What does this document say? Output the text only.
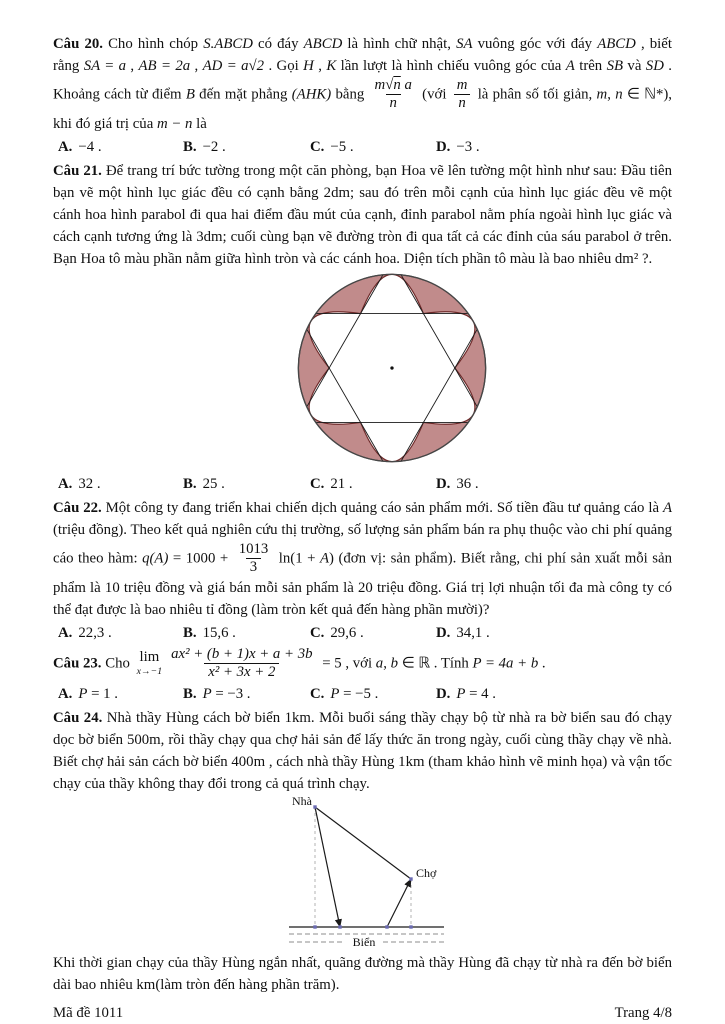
Câu 20. Cho hình chóp S.ABCD có đáy ABCD là hình chữ nhật, SA vuông góc với đáy ABCD , biết rằng SA = a , AB = 2a , AD = a√2 . Gọi H , K lần lượt là hình chiếu vuông góc của A trên SB và SD . Khoảng cách từ điểm B đến mặt phẳng (AHK) bằng $\frac{\text{m√n a}}{n}$ (với $\frac{m}{n}$ là phân số tối giản, m, n ∈ ℕ*), khi đó giá trị của m − n là

A. −4 .	B. −2 .	C. −5 .	D. −3 .

Câu 21. Để trang trí bức tường trong một căn phòng, bạn Hoa vẽ lên tường một hình như sau: Đầu tiên bạn vẽ một hình lục giác đều có cạnh bằng 2dm; sau đó trên mỗi cạnh của hình lục giác đều vẽ một cánh hoa hình parabol đi qua hai điểm đầu mút của cạnh, đỉnh parabol nằm phía ngoài hình lục giác và cách cạnh tương ứng là 3dm; cuối cùng bạn vẽ đường tròn đi qua tất cả các đỉnh của sáu parabol ở trên. Bạn Hoa tô màu phần nằm giữa hình tròn và các cánh hoa. Diện tích phần tô màu là bao nhiêu dm² ?.

A. 32 .	B. 25 .	C. 21 .	D. 36 .

Câu 22. Một công ty đang triển khai chiến dịch quảng cáo sản phẩm mới. Số tiền đầu tư quảng cáo là A (triệu đồng). Theo kết quả nghiên cứu thị trường, số lượng sản phẩm bán ra phụ thuộc vào chi phí quảng cáo theo hàm: $q(A) = 1000 + \frac{1013}{3} \ln(1 + A)$ (đơn vị: sản phẩm). Biết rằng, chi phí sản xuất mỗi sản phẩm là 10 triệu đồng và giá bán mỗi sản phẩm là 20 triệu đồng. Giá trị lợi nhuận tối đa mà công ty có thể đạt được là bao nhiêu tỉ đồng (làm tròn kết quả đến hàng phần mười)?

A. 22,3 .	B. 15,6 .	C. 29,6 .	D. 34,1 .

Câu 23. Cho lim
$x\to-1 \frac{\text{ax² + (b + 1)x + a + 3b}}{\text{x² + 3x + 2}} = 5$ , với a, b ∈ ℝ . Tính P = 4a + b .

A. P = 1 .	B. P = −3 .	C. P = −5 .	D. P = 4 .

Câu 24. Nhà thầy Hùng cách bờ biển 1km. Mỗi buổi sáng thầy chạy bộ từ nhà ra bờ biển sau đó chạy dọc bờ biển 500m, rồi thầy chạy qua chợ hải sản để lấy thức ăn trong ngày, cuối cùng thầy chạy về nhà. Biết chợ hải sản cách bờ biển 400m , cách nhà thầy Hùng 1km (tham khảo hình vẽ minh họa) và vận tốc chạy của thầy không thay đổi trong cả quá trình chạy.

Nhà
Chợ
Biển

Khi thời gian chạy của thầy Hùng ngắn nhất, quãng đường mà thầy Hùng đã chạy từ nhà ra đến bờ biển dài bao nhiêu km(làm tròn đến hàng phần trăm).

Mã đề 1011	Trang 4/8
